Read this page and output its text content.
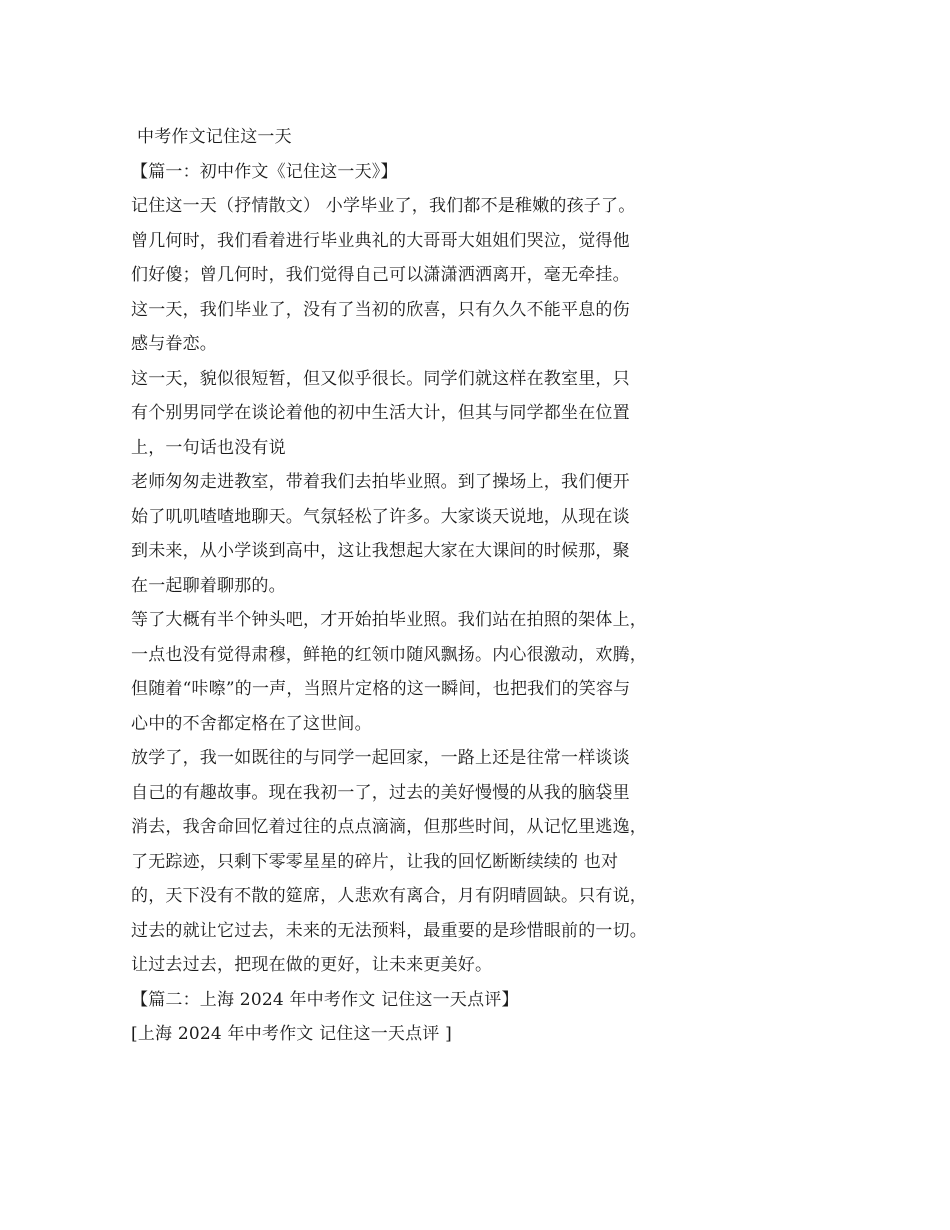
中考作文记住这一天
【篇一：初中作文《记住这一天》】
记住这一天（抒情散文） 小学毕业了，我们都不是稚嫩的孩子了。
曾几何时，我们看着进行毕业典礼的大哥哥大姐姐们哭泣，觉得他
们好傻；曾几何时，我们觉得自己可以潇潇洒洒离开，毫无牵挂。
这一天，我们毕业了，没有了当初的欣喜，只有久久不能平息的伤
感与眷恋。
这一天，貌似很短暂，但又似乎很长。同学们就这样在教室里，只
有个别男同学在谈论着他的初中生活大计，但其与同学都坐在位置
上，一句话也没有说
老师匆匆走进教室，带着我们去拍毕业照。到了操场上，我们便开
始了叽叽喳喳地聊天。气氛轻松了许多。大家谈天说地，从现在谈
到未来，从小学谈到高中，这让我想起大家在大课间的时候那，聚
在一起聊着聊那的。
等了大概有半个钟头吧，才开始拍毕业照。我们站在拍照的架体上，
一点也没有觉得肃穆，鲜艳的红领巾随风飘扬。内心很激动，欢腾，
但随着“咔嚓”的一声，当照片定格的这一瞬间，也把我们的笑容与
心中的不舍都定格在了这世间。
放学了，我一如既往的与同学一起回家，一路上还是往常一样谈谈
自己的有趣故事。现在我初一了，过去的美好慢慢的从我的脑袋里
消去，我舍命回忆着过往的点点滴滴，但那些时间，从记忆里逃逸，
了无踪迹，只剩下零零星星的碎片，让我的回忆断断续续的 也对
的，天下没有不散的筵席，人悲欢有离合，月有阴晴圆缺。只有说，
过去的就让它过去，未来的无法预料，最重要的是珍惜眼前的一切。
让过去过去，把现在做的更好，让未来更美好。
【篇二：上海 2024 年中考作文 记住这一天点评】
[上海 2024 年中考作文 记住这一天点评 ]
